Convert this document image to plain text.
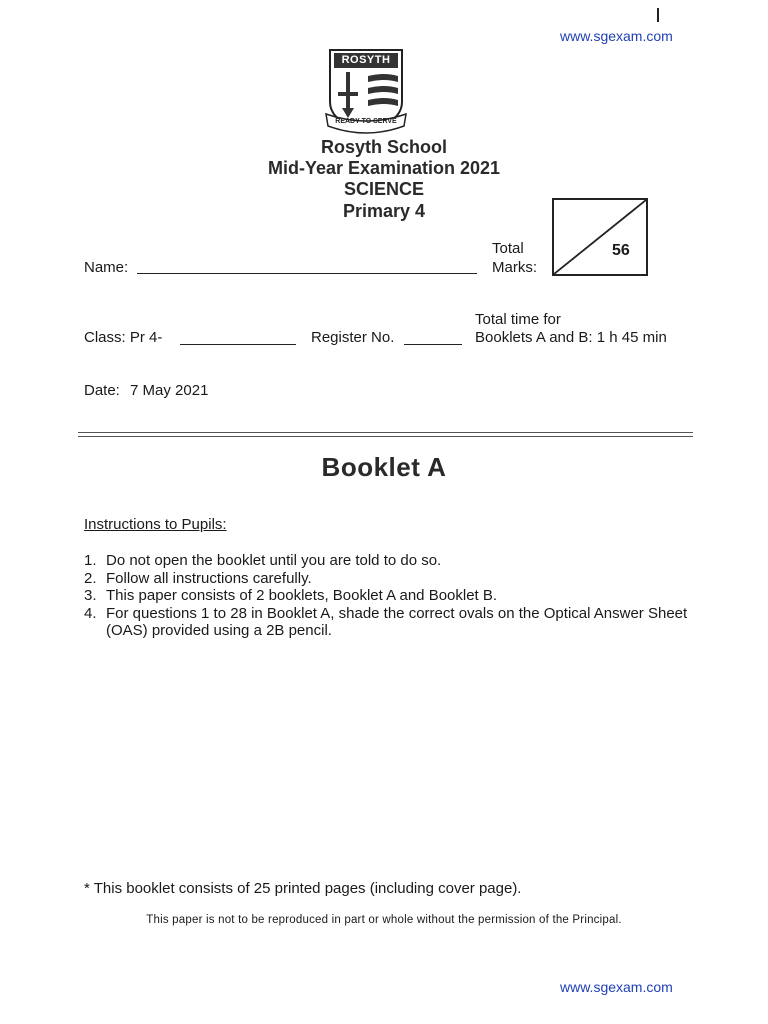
www.sgexam.com
ROSYTH
READY TO SERVE
Rosyth School
Mid-Year Examination 2021
SCIENCE
Primary 4
56
Total
Marks:
Name:
Total time for
Booklets A and B: 1 h 45 min
Class: Pr 4-	Register No.
Date: 7 May 2021
Booklet A
Instructions to Pupils:
1. Do not open the booklet until you are told to do so.
2. Follow all instructions carefully.
3. This paper consists of 2 booklets, Booklet A and Booklet B.
4. For questions 1 to 28 in Booklet A, shade the correct ovals on the Optical Answer Sheet (OAS) provided using a 2B pencil.
* This booklet consists of 25 printed pages (including cover page).
This paper is not to be reproduced in part or whole without the permission of the Principal.
www.sgexam.com
